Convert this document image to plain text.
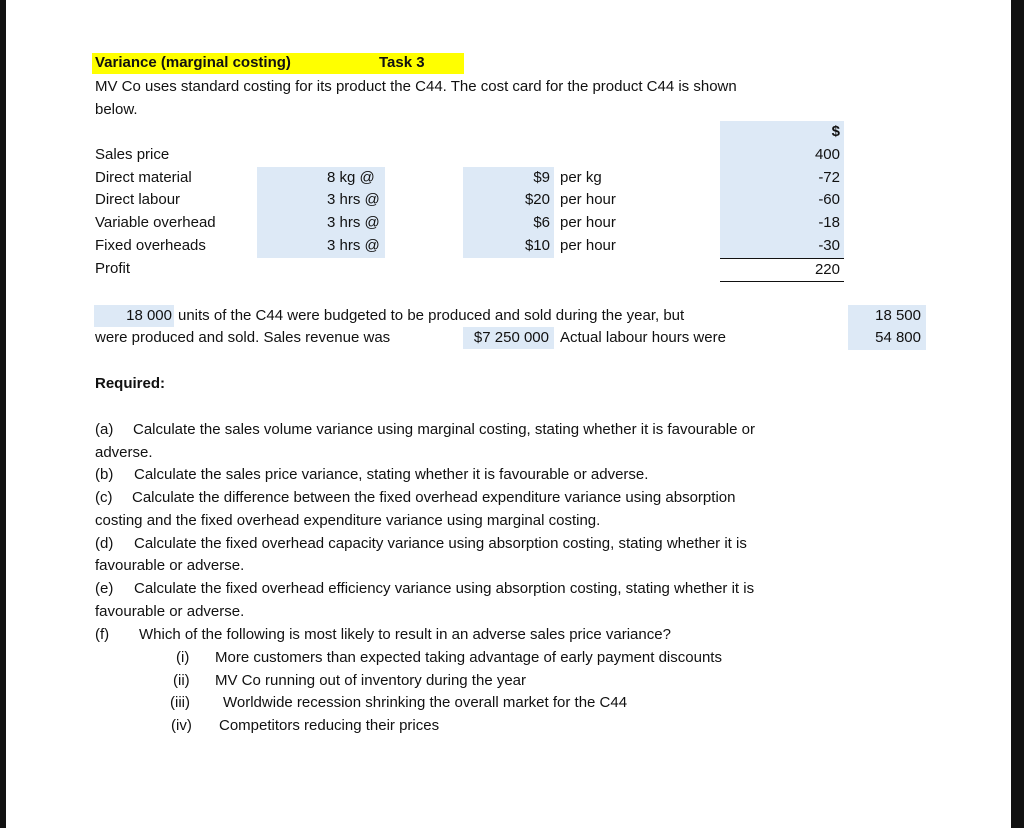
Variance (marginal costing)	Task 3
MV Co uses standard costing for its product the C44. The cost card for the product C44 is shown
below.
$
Sales price	400
Direct material	8 kg @	$9 per kg	-72
Direct labour	3 hrs @	$20 per hour	-60
Variable overhead	3 hrs @	$6 per hour	-18
Fixed overheads	3 hrs @	$10 per hour	-30
Profit	220
18 000 units of the C44 were budgeted to be produced and sold during the year, but
were produced and sold. Sales revenue was	$7 250 000 Actual labour hours were
18 500
54 800
Required:
(a) Calculate the sales volume variance using marginal costing, stating whether it is favourable or
adverse.
(b) Calculate the sales price variance, stating whether it is favourable or adverse.
(c) Calculate the difference between the fixed overhead expenditure variance using absorption
costing and the fixed overhead expenditure variance using marginal costing.
(d) Calculate the fixed overhead capacity variance using absorption costing, stating whether it is
favourable or adverse.
(e) Calculate the fixed overhead efficiency variance using absorption costing, stating whether it is
favourable or adverse.
(f) Which of the following is most likely to result in an adverse sales price variance?
(i) More customers than expected taking advantage of early payment discounts
(ii) MV Co running out of inventory during the year
(iii) Worldwide recession shrinking the overall market for the C44
(iv) Competitors reducing their prices
